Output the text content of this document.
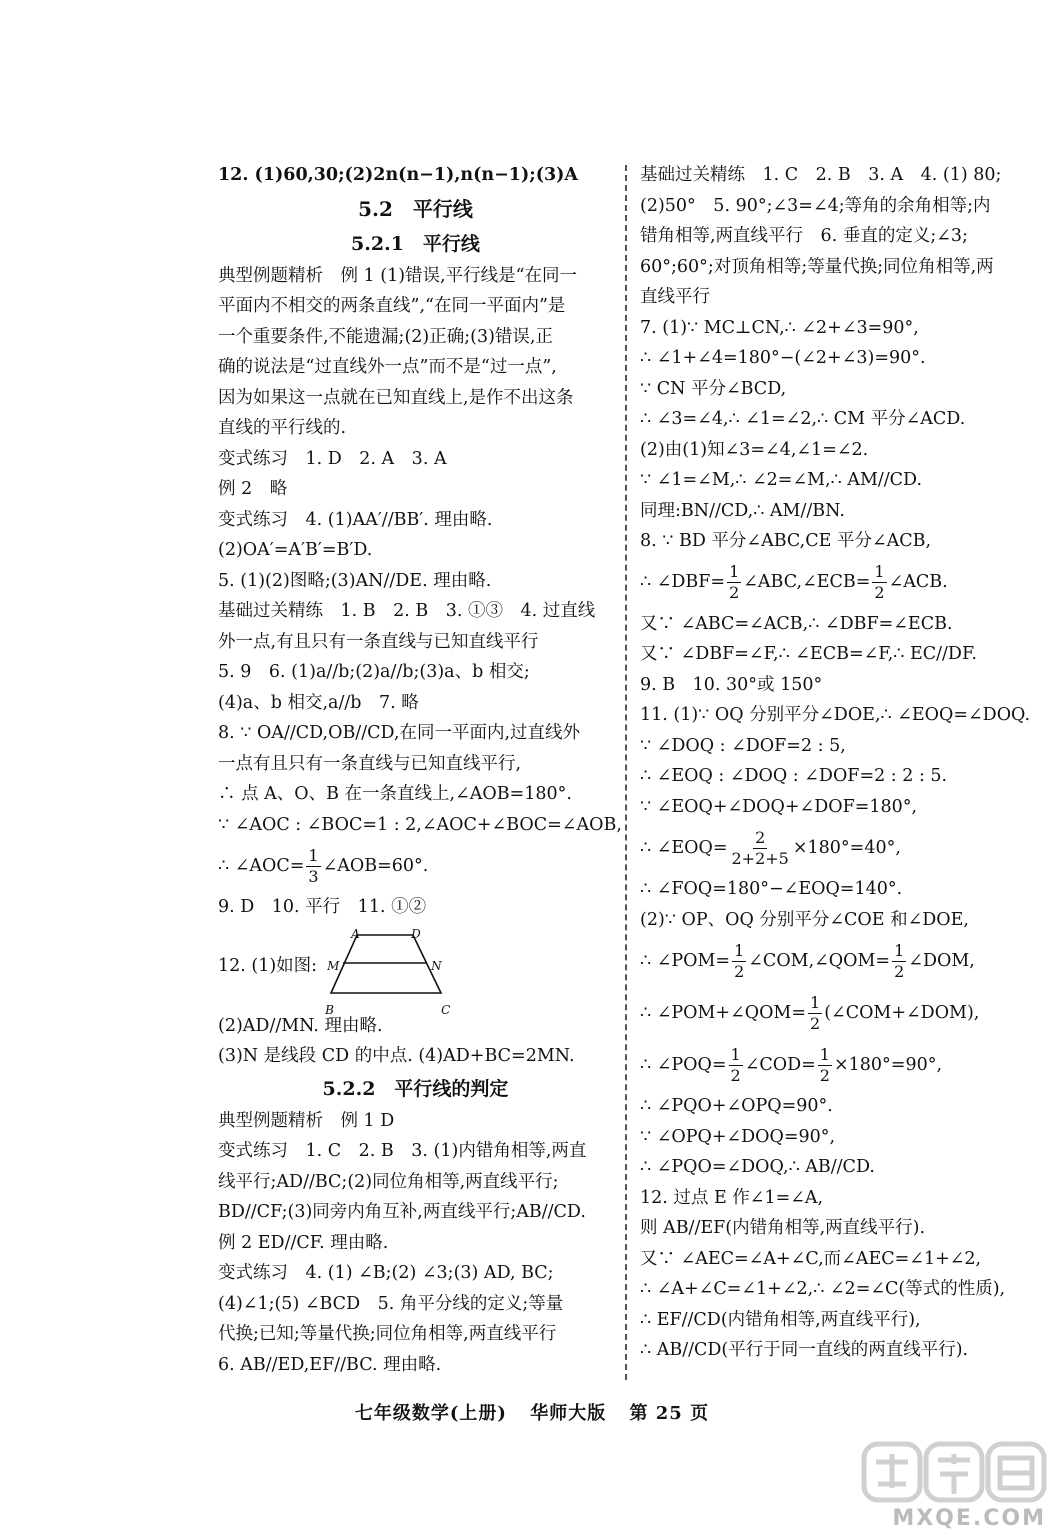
12. (1)60,30;(2)2n(n−1),n(n−1);(3)A
5.2　平行线
5.2.1　平行线
典型例题精析　例 1 (1)错误,平行线是“在同一
平面内不相交的两条直线”,“在同一平面内”是
一个重要条件,不能遗漏;(2)正确;(3)错误,正
确的说法是“过直线外一点”而不是“过一点”,
因为如果这一点就在已知直线上,是作不出这条
直线的平行线的.
变式练习　1. D　2. A　3. A
例 2　略
变式练习　4. (1)AA′//BB′. 理由略.
(2)OA′=A′B′=B′D.
5. (1)(2)图略;(3)AN//DE. 理由略.
基础过关精练　1. B　2. B　3. ①③　4. 过直线
外一点,有且只有一条直线与已知直线平行
5. 9　6. (1)a//b;(2)a//b;(3)a、b 相交;
(4)a、b 相交,a//b　7. 略
8. ∵ OA//CD,OB//CD,在同一平面内,过直线外
一点有且只有一条直线与已知直线平行,
∴ 点 A、O、B 在一条直线上,∠AOB=180°.
∵ ∠AOC : ∠BOC=1 : 2,∠AOC+∠BOC=∠AOB,
∴ ∠AOC= $\frac{1}{3}$ ∠AOB=60°.
9. D　10. 平行　11. ①②
12. (1)如图:
A	D
M	N
B	C
(2)AD//MN. 理由略.
(3)N 是线段 CD 的中点. (4)AD+BC=2MN.
5.2.2　平行线的判定
典型例题精析　例 1 D
变式练习　1. C　2. B　3. (1)内错角相等,两直
线平行;AD//BC;(2)同位角相等,两直线平行;
BD//CF;(3)同旁内角互补,两直线平行;AB//CD.
例 2 ED//CF. 理由略.
变式练习　4. (1) ∠B;(2) ∠3;(3) AD, BC;
(4)∠1;(5) ∠BCD　5. 角平分线的定义;等量
代换;已知;等量代换;同位角相等,两直线平行
6. AB//ED,EF//BC. 理由略.
基础过关精练　1. C　2. B　3. A　4. (1) 80;
(2)50°　5. 90°;∠3=∠4;等角的余角相等;内
错角相等,两直线平行　6. 垂直的定义;∠3;
60°;60°;对顶角相等;等量代换;同位角相等,两
直线平行
7. (1)∵ MC⊥CN,∴ ∠2+∠3=90°,
∴ ∠1+∠4=180°−(∠2+∠3)=90°.
∵ CN 平分∠BCD,
∴ ∠3=∠4,∴ ∠1=∠2,∴ CM 平分∠ACD.
(2)由(1)知∠3=∠4,∠1=∠2.
∵ ∠1=∠M,∴ ∠2=∠M,∴ AM//CD.
同理:BN//CD,∴ AM//BN.
8. ∵ BD 平分∠ABC,CE 平分∠ACB,
∴ ∠DBF= $\frac{1}{2}$ ∠ABC,∠ECB= $\frac{1}{2}$ ∠ACB.
又∵ ∠ABC=∠ACB,∴ ∠DBF=∠ECB.
又∵ ∠DBF=∠F,∴ ∠ECB=∠F,∴ EC//DF.
9. B　10. 30°或 150°
11. (1)∵ OQ 分别平分∠DOE,∴ ∠EOQ=∠DOQ.
∵ ∠DOQ : ∠DOF=2 : 5,
∴ ∠EOQ : ∠DOQ : ∠DOF=2 : 2 : 5.
∵ ∠EOQ+∠DOQ+∠DOF=180°,
∴ ∠EOQ= $\frac{2}{2+2+5} \times 180^\circ=40^\circ$,
∴ ∠FOQ=180°−∠EOQ=140°.
(2)∵ OP、OQ 分别平分∠COE 和∠DOE,
∴ ∠POM= $\frac{1}{2}$ ∠COM,∠QOM= $\frac{1}{2}$ ∠DOM,
∴ ∠POM+∠QOM= $\frac{1}{2}$ (∠COM+∠DOM),
∴ ∠POQ= $\frac{1}{2}$ ∠COD= $\frac{1}{2} \times 180^\circ=90^\circ$,
∴ ∠PQO+∠OPQ=90°.
∵ ∠OPQ+∠DOQ=90°,
∴ ∠PQO=∠DOQ,∴ AB//CD.
12. 过点 E 作∠1=∠A,
则 AB//EF(内错角相等,两直线平行).
又∵ ∠AEC=∠A+∠C,而∠AEC=∠1+∠2,
∴ ∠A+∠C=∠1+∠2,∴ ∠2=∠C(等式的性质),
∴ EF//CD(内错角相等,两直线平行),
∴ AB//CD(平行于同一直线的两直线平行).
七年级数学(上册) 华师大版 第 25 页
MXQE.COM
